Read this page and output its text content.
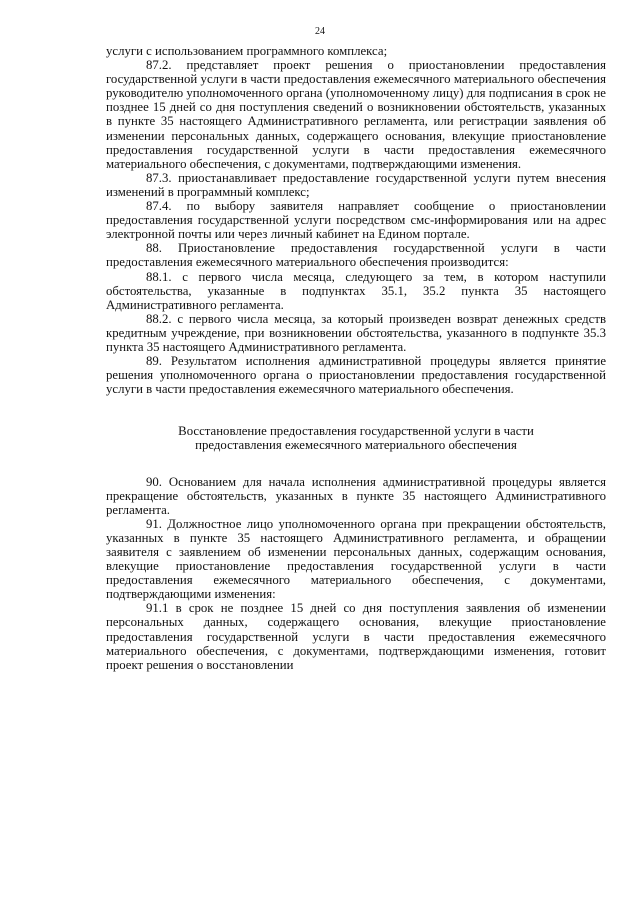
24

услуги с использованием программного комплекса;

87.2. представляет проект решения о приостановлении предоставления государственной услуги в части предоставления ежемесячного материального обеспечения руководителю уполномоченного органа (уполномоченному лицу) для подписания в срок не позднее 15 дней со дня поступления сведений о возникновении обстоятельств, указанных в пункте 35 настоящего Административного регламента, или регистрации заявления об изменении персональных данных, содержащего основания, влекущие приостановление предоставления государственной услуги в части предоставления ежемесячного материального обеспечения, с документами, подтверждающими изменения.

87.3. приостанавливает предоставление государственной услуги путем внесения изменений в программный комплекс;

87.4. по выбору заявителя направляет сообщение о приостановлении предоставления государственной услуги посредством смс-информирования или на адрес электронной почты или через личный кабинет на Едином портале.

88. Приостановление предоставления государственной услуги в части предоставления ежемесячного материального обеспечения производится:

88.1. с первого числа месяца, следующего за тем, в котором наступили обстоятельства, указанные в подпунктах 35.1, 35.2 пункта 35 настоящего Административного регламента.

88.2. с первого числа месяца, за который произведен возврат денежных средств кредитным учреждение, при возникновении обстоятельства, указанного в подпункте 35.3 пункта 35 настоящего Административного регламента.

89. Результатом исполнения административной процедуры является принятие решения уполномоченного органа о приостановлении предоставления государственной услуги в части предоставления ежемесячного материального обеспечения.

Восстановление предоставления государственной услуги в части
предоставления ежемесячного материального обеспечения

90. Основанием для начала исполнения административной процедуры является прекращение обстоятельств, указанных в пункте 35 настоящего Административного регламента.

91. Должностное лицо уполномоченного органа при прекращении обстоятельств, указанных в пункте 35 настоящего Административного регламента, и обращении заявителя с заявлением об изменении персональных данных, содержащим основания, влекущие приостановление предоставления государственной услуги в части предоставления ежемесячного материального обеспечения, с документами, подтверждающими изменения:

91.1 в срок не позднее 15 дней со дня поступления заявления об изменении персональных данных, содержащего основания, влекущие приостановление предоставления государственной услуги в части предоставления ежемесячного материального обеспечения, с документами, подтверждающими изменения, готовит проект решения о восстановлении
